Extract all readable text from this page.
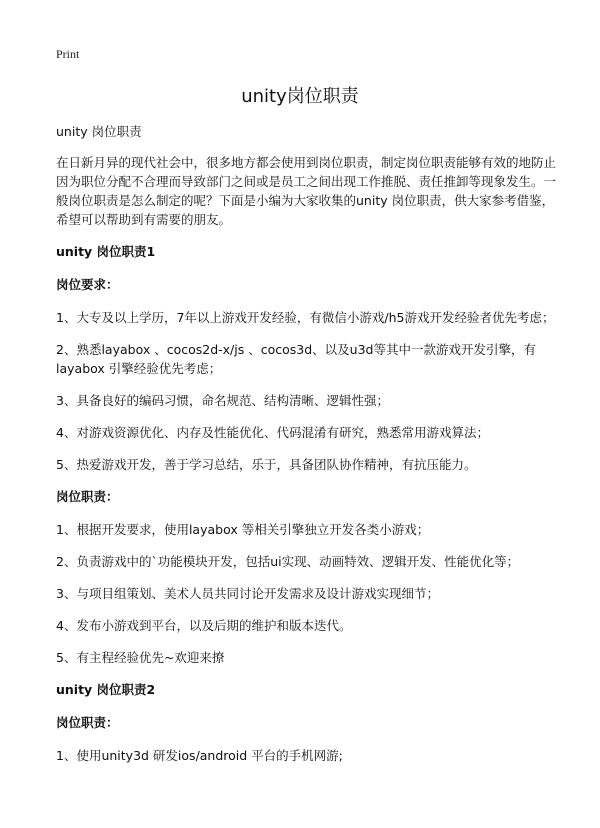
Print
unity岗位职责

unity 岗位职责

在日新月异的现代社会中，很多地方都会使用到岗位职责，制定岗位职责能够有效的地防止因为职位分配不合理而导致部门之间或是员工之间出现工作推脱、责任推卸等现象发生。一般岗位职责是怎么制定的呢？下面是小编为大家收集的unity 岗位职责，供大家参考借鉴，希望可以帮助到有需要的朋友。

unity 岗位职责1

岗位要求：

1、大专及以上学历，7年以上游戏开发经验，有微信小游戏/h5游戏开发经验者优先考虑；

2、熟悉layabox 、cocos2d-x/js 、cocos3d、以及u3d等其中一款游戏开发引擎，有layabox 引擎经验优先考虑；

3、具备良好的编码习惯，命名规范、结构清晰、逻辑性强；

4、对游戏资源优化、内存及性能优化、代码混淆有研究，熟悉常用游戏算法；

5、热爱游戏开发，善于学习总结，乐于，具备团队协作精神，有抗压能力。

岗位职责：

1、根据开发要求，使用layabox 等相关引擎独立开发各类小游戏；

2、负责游戏中的`功能模块开发，包括ui实现、动画特效、逻辑开发、性能优化等；

3、与项目组策划、美术人员共同讨论开发需求及设计游戏实现细节；

4、发布小游戏到平台，以及后期的维护和版本迭代。

5、有主程经验优先~欢迎来撩

unity 岗位职责2

岗位职责：

1、使用unity3d 研发ios/android 平台的手机网游;
